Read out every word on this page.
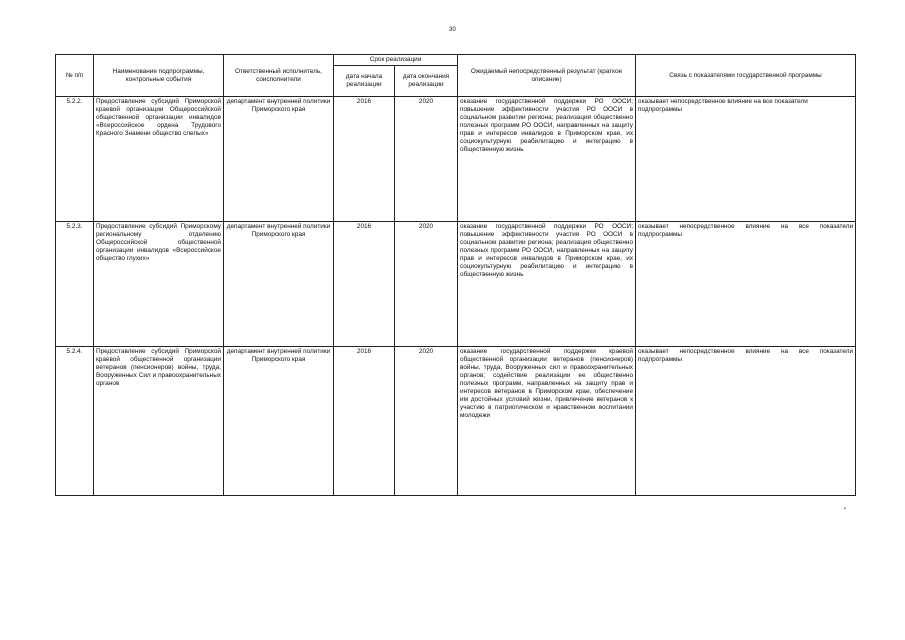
30
№ п/п	Наименование подпрограммы, контрольные события	Ответственный исполнитель, соисполнители	Срок реализации		Ожидаемый непосредственный результат (краткое описание)	Связь с показателями государственной программы
			дата начала реализации	дата окончания реализации		
5.2.2.	Предоставление субсидий Приморской краевой организации Общероссийской общественной организации инвалидов «Всероссийское ордена Трудового Красного Знамени общество слепых»	департамент внутренней политики Приморского края	2016	2020	оказание государственной поддержки РО ООСИ; повышение эффективности участия РО ООСИ в социальном развитии региона; реализация общественно полезных программ РО ООСИ, направленных на защиту прав и интересов инвалидов в Приморском крае, их социокультурную реабилитацию и интеграцию в общественную жизнь	оказывает непосредственное влияние на все показатели подпрограммы
5.2.3.	Предоставление субсидий Приморскому региональному отделению Общероссийской общественной организации инвалидов «Всероссийское общество глухих»	департамент внутренней политики Приморского края	2016	2020	оказание государственной поддержки РО ООСИ; повышение эффективности участия РО ООСИ в социальном развитии региона; реализация общественно полезных программ РО ООСИ, направленных на защиту прав и интересов инвалидов в Приморском крае, их социокультурную реабилитацию и интеграцию в общественную жизнь	оказывает непосредственное влияние на все показатели подпрограммы
5.2.4.	Предоставление субсидий Приморской краевой общественной организации ветеранов (пенсионеров) войны, труда, Вооруженных Сил и правоохранительных органов	департамент внутренней политики Приморского края	2016	2020	оказание государственной поддержки краевой общественной организации ветеранов (пенсионеров) войны, труда, Вооруженных сил и правоохранительных органов; содействие реализации ее общественно полезных программ, направленных на защиту прав и интересов ветеранов в Приморском крае, обеспечение им достойных условий жизни, привлечение ветеранов к участию в патриотическом и нравственном воспитании молодежи	оказывает непосредственное влияние на все показатели подпрограммы
•
